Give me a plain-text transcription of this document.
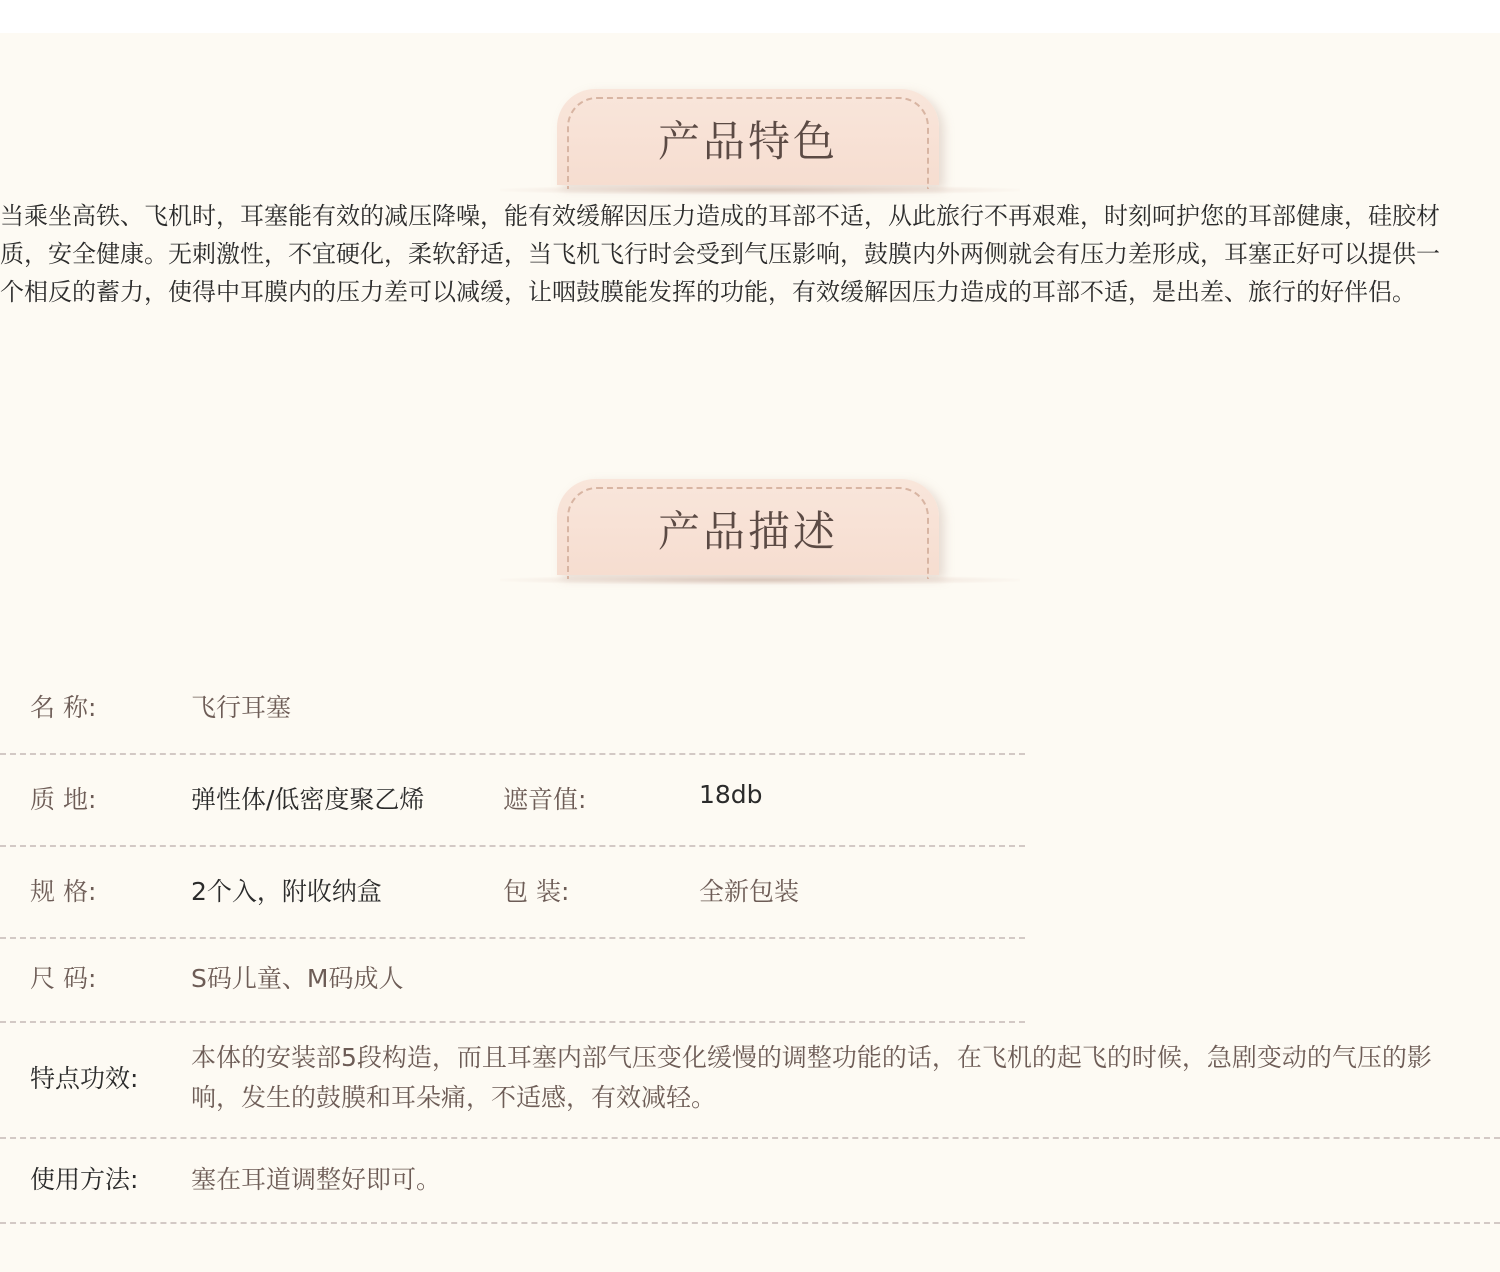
产品特色

当乘坐高铁、飞机时，耳塞能有效的减压降噪，能有效缓解因压力造成的耳部不适，从此旅行不再艰难，时刻呵护您的耳部健康，硅胶材质，安全健康。无刺激性，不宜硬化，柔软舒适，当飞机飞行时会受到气压影响，鼓膜内外两侧就会有压力差形成，耳塞正好可以提供一个相反的蓄力，使得中耳膜内的压力差可以减缓，让咽鼓膜能发挥的功能，有效缓解因压力造成的耳部不适，是出差、旅行的好伴侣。

产品描述
名 称:	飞行耳塞
质 地:	弹性体/低密度聚乙烯	遮音值:	18db
规 格:	2个入，附收纳盒	包 装:	全新包装
尺 码:	S码儿童、M码成人
特点功效:
本体的安装部5段构造，而且耳塞内部气压变化缓慢的调整功能的话，在飞机的起飞的时候，急剧变动的气压的影响，发生的鼓膜和耳朵痛，不适感，有效减轻。
使用方法: 塞在耳道调整好即可。
